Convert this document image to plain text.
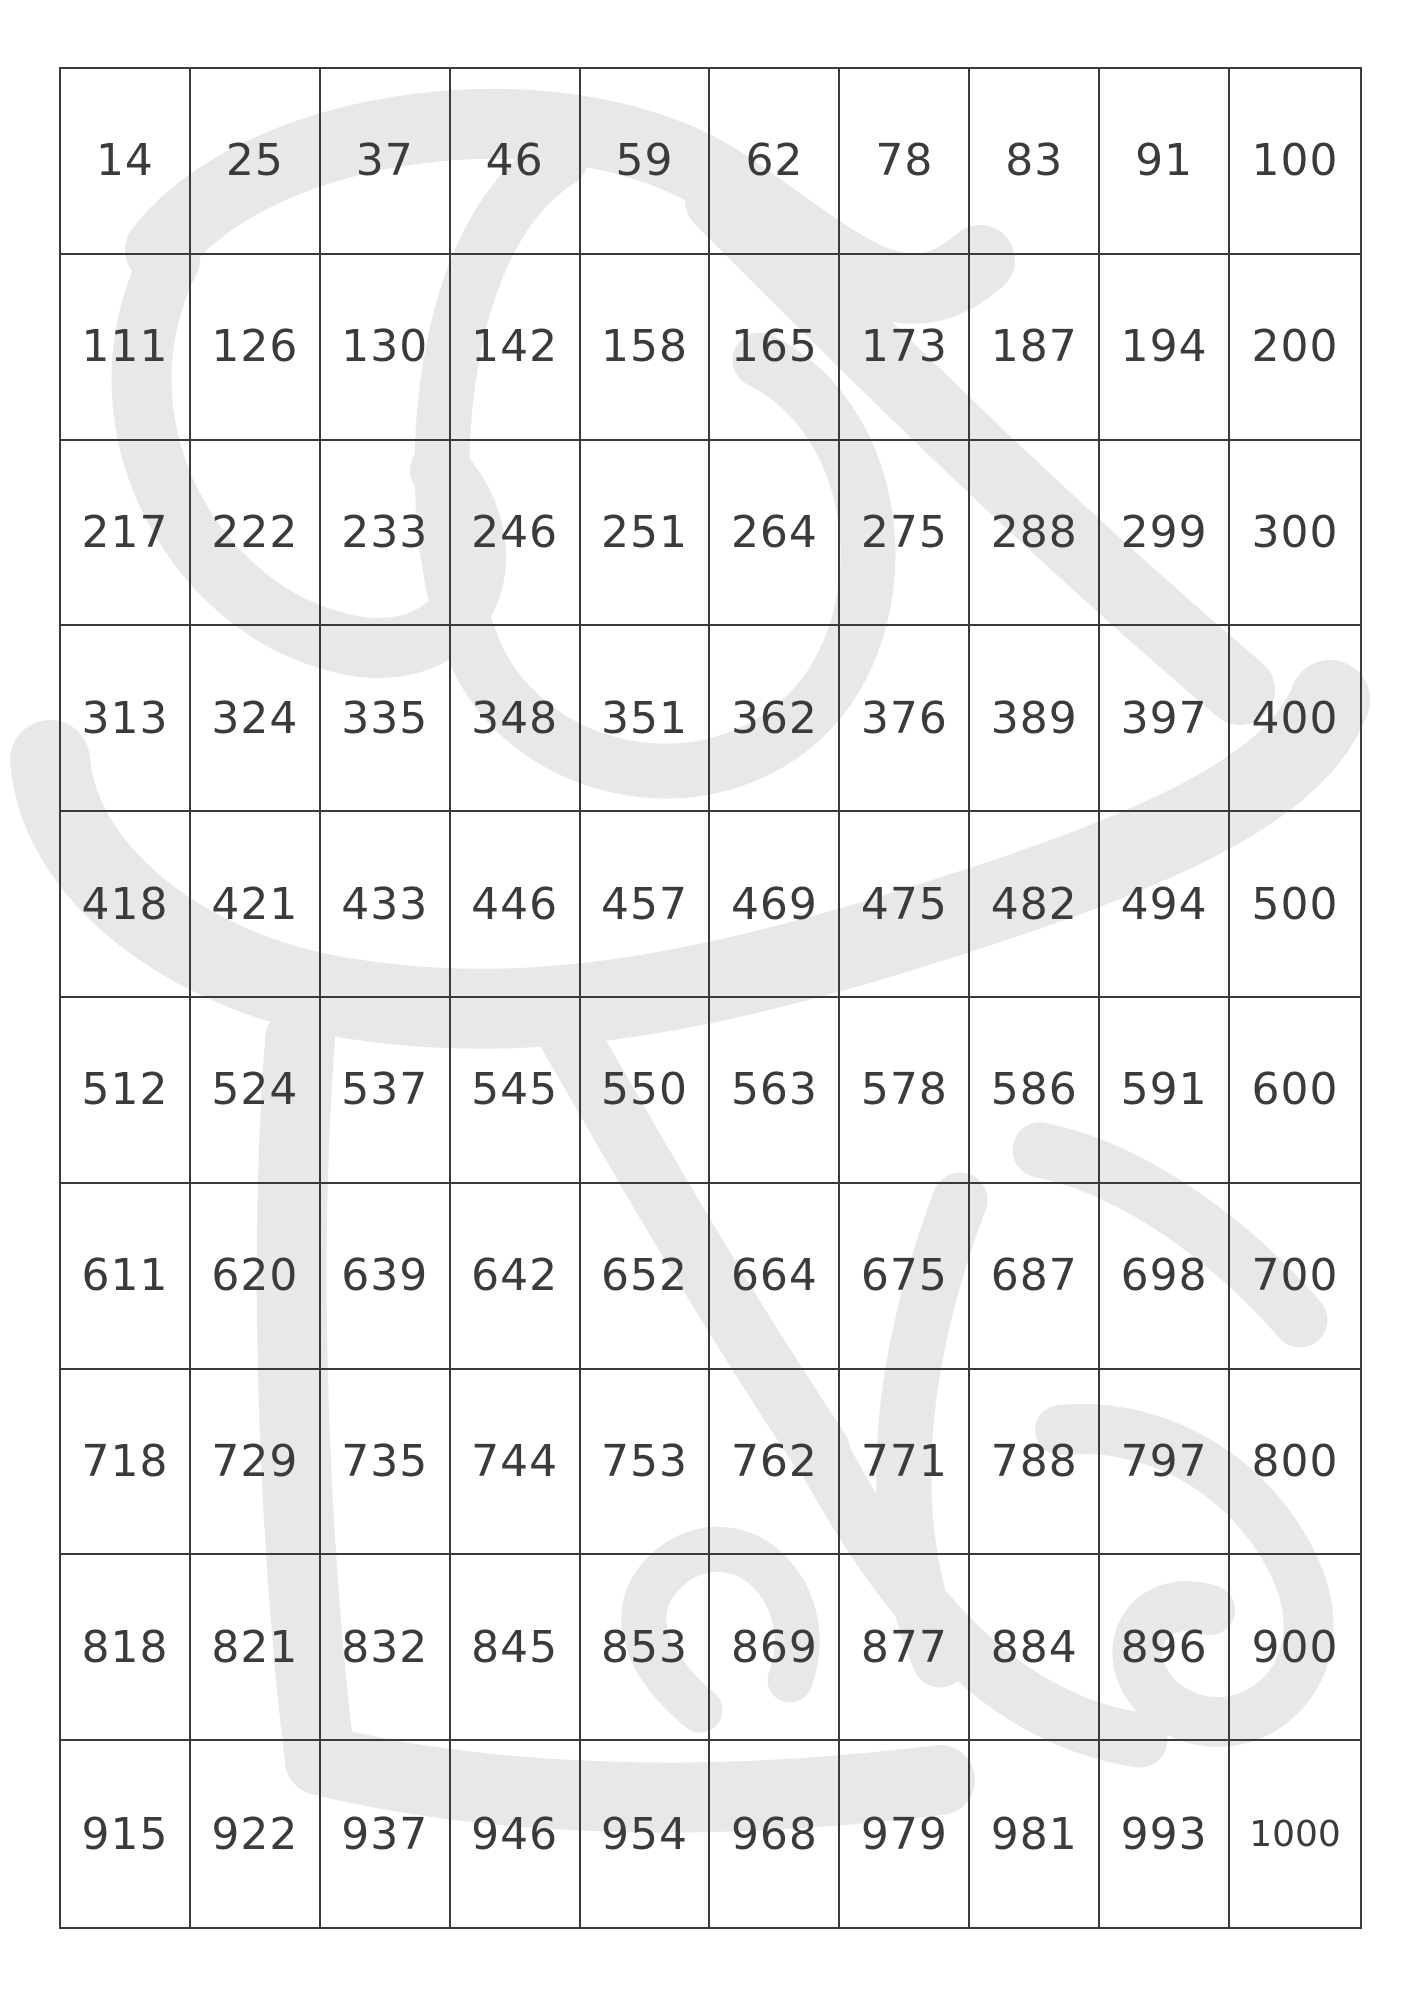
14	25	37	46	59	62	78	83	91	100
111 126 130 142 158 165 173 187 194 200
217 222 233 246 251 264 275 288 299 300
313 324 335 348 351 362 376 389 397 400
418 421 433 446 457 469 475 482 494 500
512 524 537 545 550 563 578 586 591 600
611 620 639 642 652 664 675 687 698 700
718 729 735 744 753 762 771 788 797 800
818 821 832 845 853 869 877 884 896 900
915 922 937 946 954 968 979 981 993	1000
